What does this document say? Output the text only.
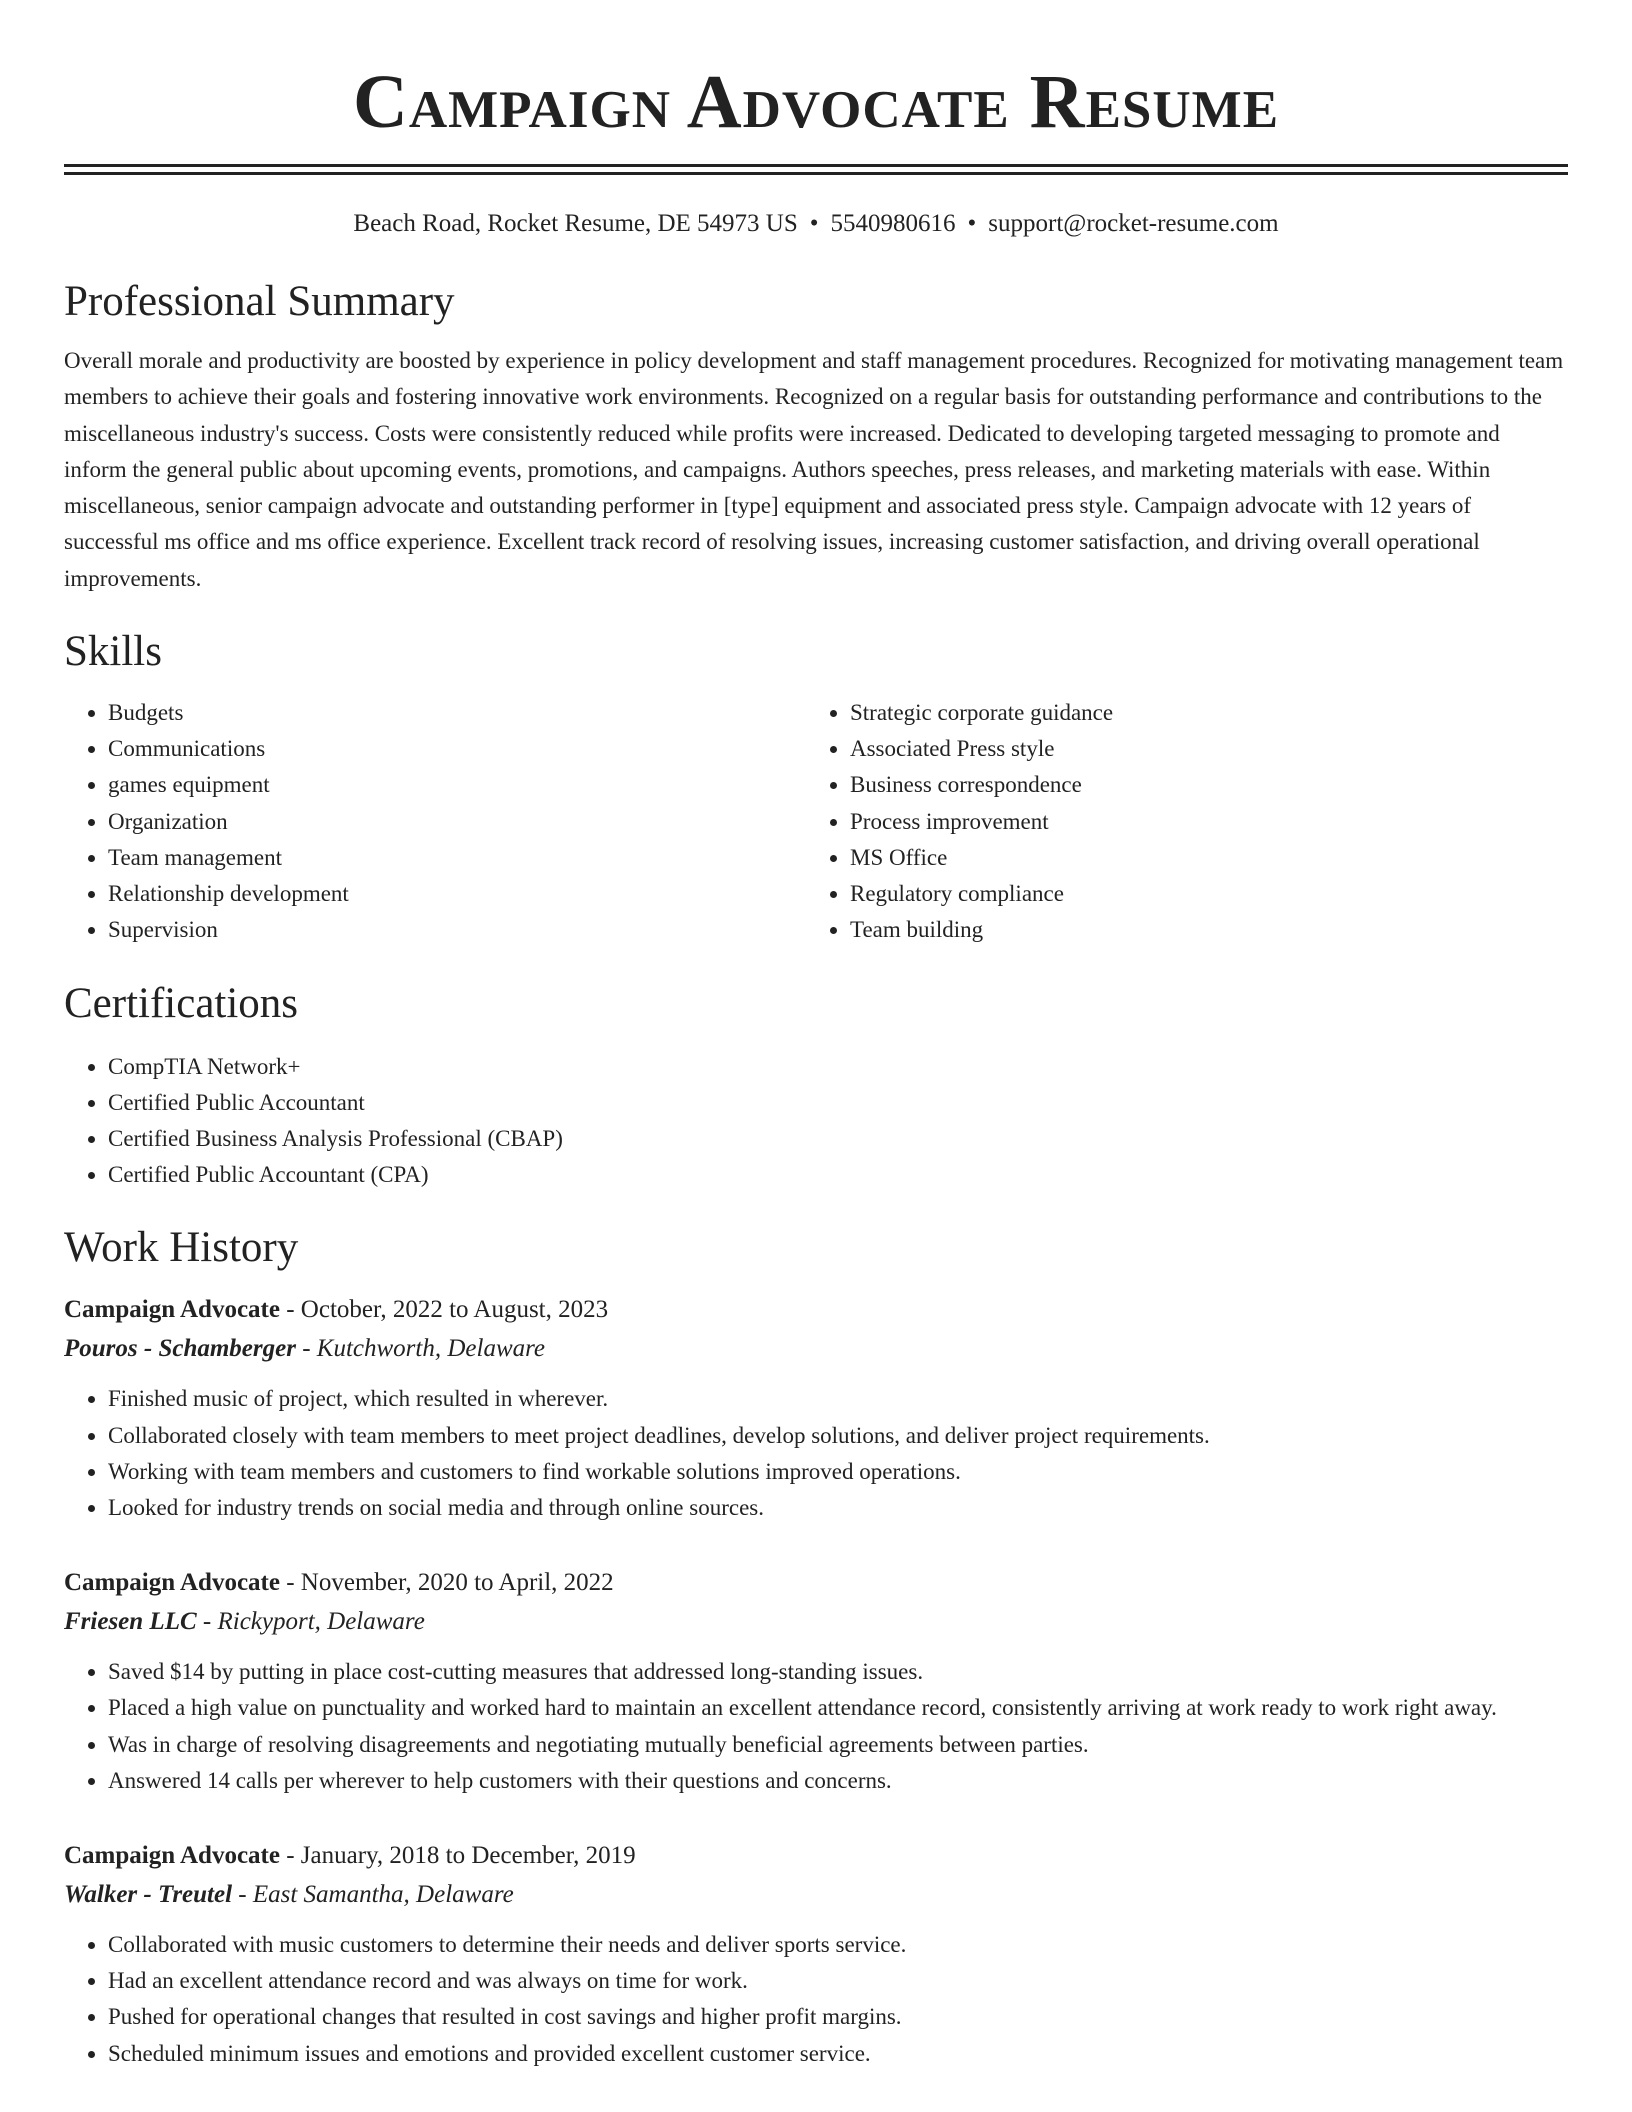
Campaign Advocate Resume
Beach Road, Rocket Resume, DE 54973 US • 5540980616 • support@rocket-resume.com
Professional Summary

Overall morale and productivity are boosted by experience in policy development and staff management procedures. Recognized for motivating management team members to achieve their goals and fostering innovative work environments. Recognized on a regular basis for outstanding performance and contributions to the miscellaneous industry's success. Costs were consistently reduced while profits were increased. Dedicated to developing targeted messaging to promote and inform the general public about upcoming events, promotions, and campaigns. Authors speeches, press releases, and marketing materials with ease. Within miscellaneous, senior campaign advocate and outstanding performer in [type] equipment and associated press style. Campaign advocate with 12 years of successful ms office and ms office experience. Excellent track record of resolving issues, increasing customer satisfaction, and driving overall operational improvements.

Skills
• Budgets
• Communications
• games equipment
• Organization
• Team management
• Relationship development
• Supervision
• Strategic corporate guidance
• Associated Press style
• Business correspondence
• Process improvement
• MS Office
• Regulatory compliance
• Team building
Certifications
• CompTIA Network+
• Certified Public Accountant
• Certified Business Analysis Professional (CBAP)
• Certified Public Accountant (CPA)
Work History
Campaign Advocate - October, 2022 to August, 2023
Pouros - Schamberger - Kutchworth, Delaware
• Finished music of project, which resulted in wherever.
• Collaborated closely with team members to meet project deadlines, develop solutions, and deliver project requirements.
• Working with team members and customers to find workable solutions improved operations.
• Looked for industry trends on social media and through online sources.
Campaign Advocate - November, 2020 to April, 2022
Friesen LLC - Rickyport, Delaware
• Saved $14 by putting in place cost-cutting measures that addressed long-standing issues.
• Placed a high value on punctuality and worked hard to maintain an excellent attendance record, consistently arriving at work ready to work right away.
• Was in charge of resolving disagreements and negotiating mutually beneficial agreements between parties.
• Answered 14 calls per wherever to help customers with their questions and concerns.
Campaign Advocate - January, 2018 to December, 2019
Walker - Treutel - East Samantha, Delaware
• Collaborated with music customers to determine their needs and deliver sports service.
• Had an excellent attendance record and was always on time for work.
• Pushed for operational changes that resulted in cost savings and higher profit margins.
• Scheduled minimum issues and emotions and provided excellent customer service.
